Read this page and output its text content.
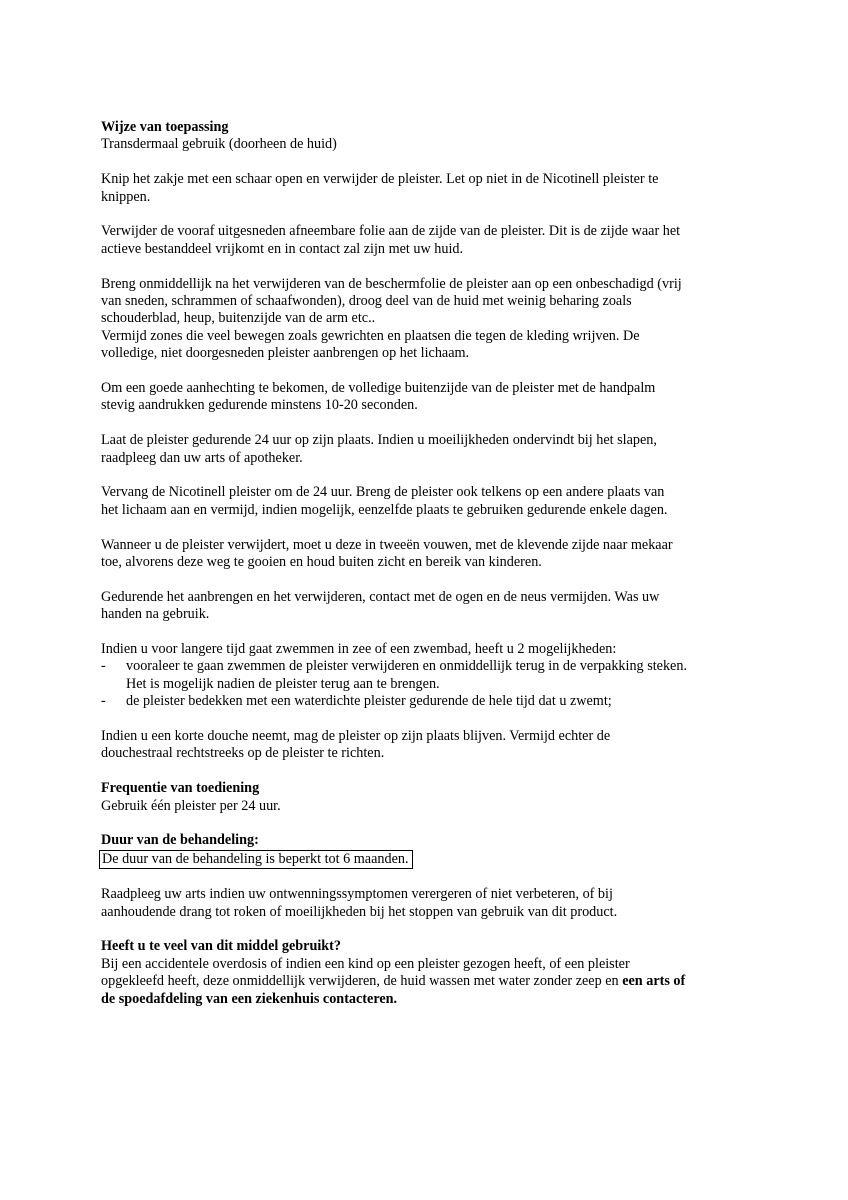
Wijze van toepassing
Transdermaal gebruik (doorheen de huid)
Knip het zakje met een schaar open en verwijder de pleister. Let op niet in de Nicotinell pleister te
knippen.
Verwijder de vooraf uitgesneden afneembare folie aan de zijde van de pleister. Dit is de zijde waar het
actieve bestanddeel vrijkomt en in contact zal zijn met uw huid.
Breng onmiddellijk na het verwijderen van de beschermfolie de pleister aan op een onbeschadigd (vrij
van sneden, schrammen of schaafwonden), droog deel van de huid met weinig beharing zoals
schouderblad, heup, buitenzijde van de arm etc..
Vermijd zones die veel bewegen zoals gewrichten en plaatsen die tegen de kleding wrijven. De
volledige, niet doorgesneden pleister aanbrengen op het lichaam.
Om een goede aanhechting te bekomen, de volledige buitenzijde van de pleister met de handpalm
stevig aandrukken gedurende minstens 10-20 seconden.
Laat de pleister gedurende 24 uur op zijn plaats. Indien u moeilijkheden ondervindt bij het slapen,
raadpleeg dan uw arts of apotheker.
Vervang de Nicotinell pleister om de 24 uur. Breng de pleister ook telkens op een andere plaats van
het lichaam aan en vermijd, indien mogelijk, eenzelfde plaats te gebruiken gedurende enkele dagen.
Wanneer u de pleister verwijdert, moet u deze in tweeën vouwen, met de klevende zijde naar mekaar
toe, alvorens deze weg te gooien en houd buiten zicht en bereik van kinderen.
Gedurende het aanbrengen en het verwijderen, contact met de ogen en de neus vermijden. Was uw
handen na gebruik.
Indien u voor langere tijd gaat zwemmen in zee of een zwembad, heeft u 2 mogelijkheden:
- vooraleer te gaan zwemmen de pleister verwijderen en onmiddellijk terug in de verpakking steken.
Het is mogelijk nadien de pleister terug aan te brengen.
- de pleister bedekken met een waterdichte pleister gedurende de hele tijd dat u zwemt;
Indien u een korte douche neemt, mag de pleister op zijn plaats blijven. Vermijd echter de
douchestraal rechtstreeks op de pleister te richten.
Frequentie van toediening
Gebruik één pleister per 24 uur.
Duur van de behandeling:
De duur van de behandeling is beperkt tot 6 maanden.
Raadpleeg uw arts indien uw ontwenningssymptomen verergeren of niet verbeteren, of bij
aanhoudende drang tot roken of moeilijkheden bij het stoppen van gebruik van dit product.
Heeft u te veel van dit middel gebruikt?
Bij een accidentele overdosis of indien een kind op een pleister gezogen heeft, of een pleister
opgekleefd heeft, deze onmiddellijk verwijderen, de huid wassen met water zonder zeep en een arts of
de spoedafdeling van een ziekenhuis contacteren.
